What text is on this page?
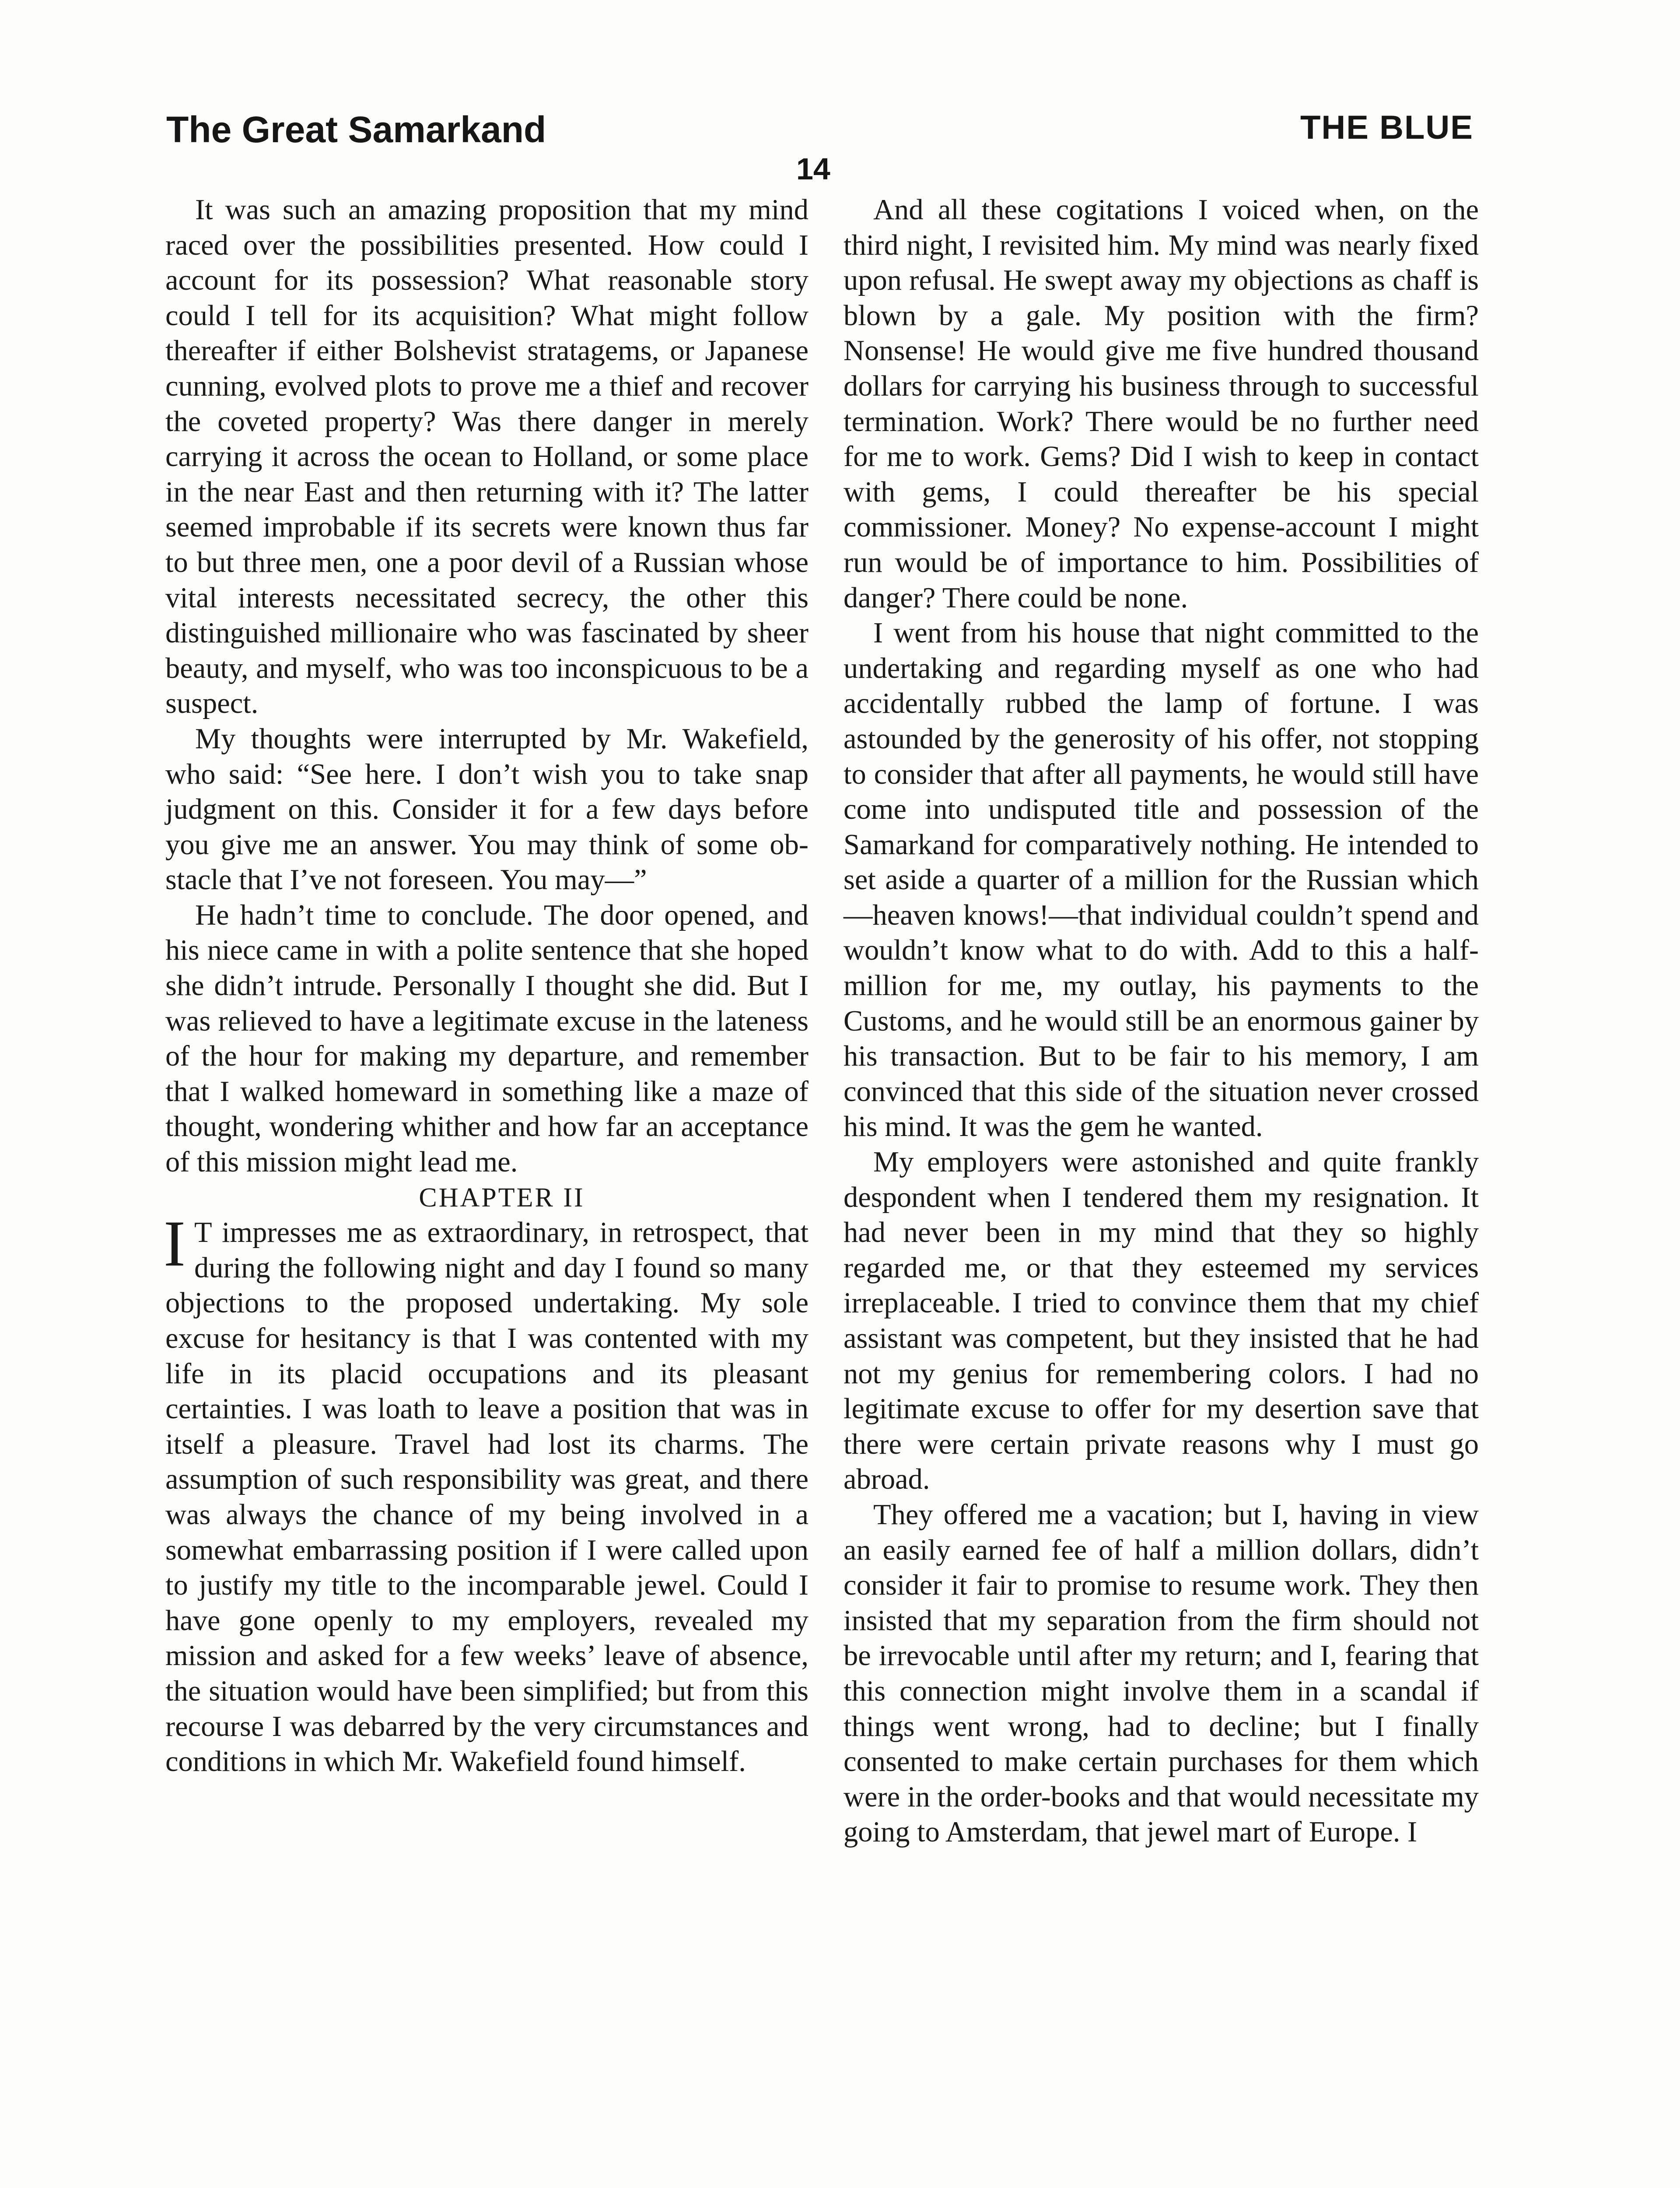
The Great Samarkand	THE BLUE
14

It was such an amazing proposition that my mind raced over the possibilities presented. How could I account for its possession? What reasonable story could I tell for its acquisition? What might follow thereafter if either Bolshevist stratagems, or Japanese cunning, evolved plots to prove me a thief and recover the coveted property? Was there danger in merely carrying it across the ocean to Holland, or some place in the near East and then returning with it? The latter seemed improbable if its secrets were known thus far to but three men, one a poor devil of a Russian whose vital interests necessitated secrecy, the other this distinguished millionaire who was fascinated by sheer beauty, and myself, who was too inconspicuous to be a suspect.

My thoughts were interrupted by Mr. Wakefield, who said: “See here. I don’t wish you to take snap judgment on this. Consider it for a few days before you give me an answer. You may think of some obstacle that I’ve not foreseen. You may—”

He hadn’t time to conclude. The door opened, and his niece came in with a polite sentence that she hoped she didn’t intrude. Personally I thought she did. But I was relieved to have a legitimate excuse in the lateness of the hour for making my departure, and remember that I walked homeward in something like a maze of thought, wondering whither and how far an acceptance of this mission might lead me.

CHAPTER II

I T impresses me as extraordinary, in retrospect, that during the following night and day I found so many objections to the proposed undertaking. My sole excuse for hesitancy is that I was contented with my life in its placid occupations and its pleasant certainties. I was loath to leave a position that was in itself a pleasure. Travel had lost its charms. The assumption of such responsibility was great, and there was always the chance of my being involved in a somewhat embarrassing position if I were called upon to justify my title to the incomparable jewel. Could I have gone openly to my employers, revealed my mission and asked for a few weeks’ leave of absence, the situation would have been simplified; but from this recourse I was debarred by the very circumstances and conditions in which Mr. Wakefield found himself.

And all these cogitations I voiced when, on the third night, I revisited him. My mind was nearly fixed upon refusal. He swept away my objections as chaff is blown by a gale. My position with the firm? Nonsense! He would give me five hundred thousand dollars for carrying his business through to successful termination. Work? There would be no further need for me to work. Gems? Did I wish to keep in contact with gems, I could thereafter be his special commissioner. Money? No expense-account I might run would be of importance to him. Possibilities of danger? There could be none.

I went from his house that night committed to the undertaking and regarding myself as one who had accidentally rubbed the lamp of fortune. I was astounded by the generosity of his offer, not stopping to consider that after all payments, he would still have come into undisputed title and possession of the Samarkand for comparatively nothing. He intended to set aside a quarter of a million for the Russian which—heaven knows!—that individual couldn’t spend and wouldn’t know what to do with. Add to this a half-million for me, my outlay, his payments to the Customs, and he would still be an enormous gainer by his transaction. But to be fair to his memory, I am convinced that this side of the situation never crossed his mind. It was the gem he wanted.

My employers were astonished and quite frankly despondent when I tendered them my resignation. It had never been in my mind that they so highly regarded me, or that they esteemed my services irreplaceable. I tried to convince them that my chief assistant was competent, but they insisted that he had not my genius for remembering colors. I had no legitimate excuse to offer for my desertion save that there were certain private reasons why I must go abroad.

They offered me a vacation; but I, having in view an easily earned fee of half a million dollars, didn’t consider it fair to promise to resume work. They then insisted that my separation from the firm should not be irrevocable until after my return; and I, fearing that this connection might involve them in a scandal if things went wrong, had to decline; but I finally consented to make certain purchases for them which were in the order-books and that would necessitate my going to Amsterdam, that jewel mart of Europe. I
